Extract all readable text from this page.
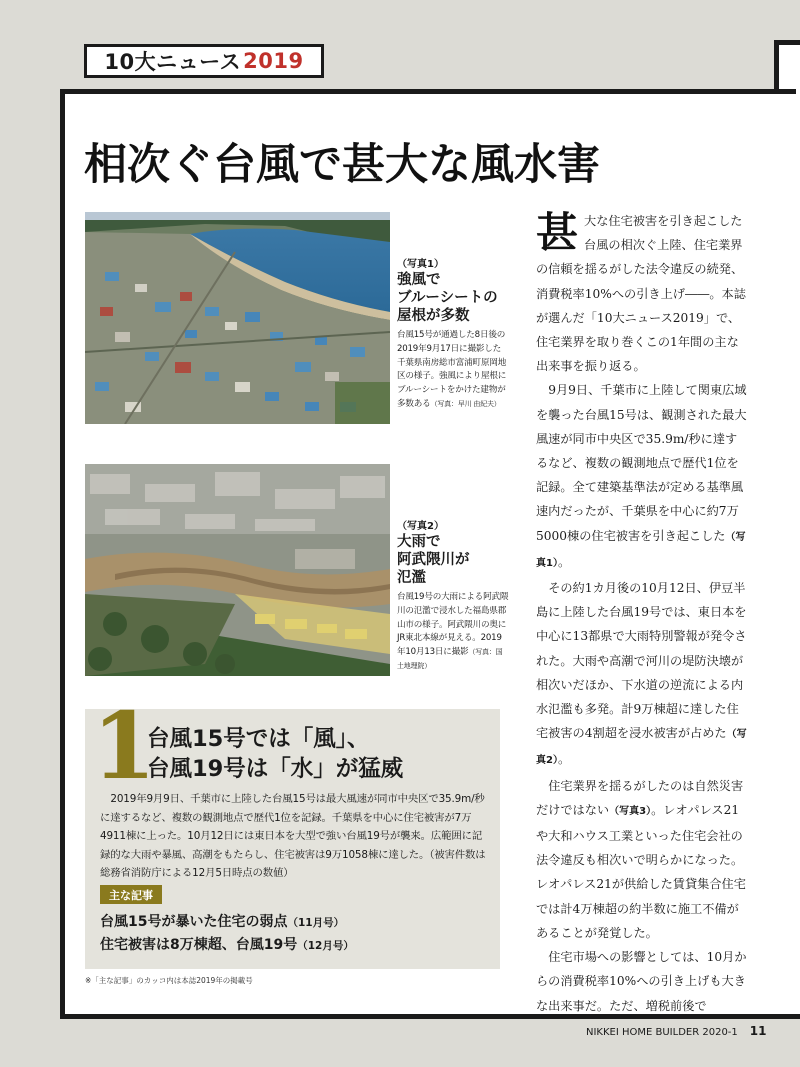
10大ニュース 2019
相次ぐ台風で甚大な風水害
（写真1）
強風で
ブルーシートの
屋根が多数
台風15号が通過した8日後の2019年9月17日に撮影した千葉県南房総市富浦町原岡地区の様子。強風により屋根にブルーシートをかけた建物が多数ある（写真：早川 由紀夫）
（写真2）
大雨で
阿武隈川が
氾濫
台風19号の大雨による阿武隈川の氾濫で浸水した福島県郡山市の様子。阿武隈川の奥にJR東北本線が見える。2019年10月13日に撮影（写真：国土地理院）

甚大な住宅被害を引き起こした台風の相次ぐ上陸、住宅業界の信頼を揺るがした法令違反の続発、消費税率10%への引き上げ――。本誌が選んだ「10大ニュース2019」で、住宅業界を取り巻くこの1年間の主な出来事を振り返る。

9月9日、千葉市に上陸して関東広域を襲った台風15号は、観測された最大風速が同市中央区で35.9m/秒に達するなど、複数の観測地点で歴代1位を記録。全て建築基準法が定める基準風速内だったが、千葉県を中心に約7万5000棟の住宅被害を引き起こした（写真1）。

その約1カ月後の10月12日、伊豆半島に上陸した台風19号では、東日本を中心に13都県で大雨特別警報が発令された。大雨や高潮で河川の堤防決壊が相次いだほか、下水道の逆流による内水氾濫も多発。計9万棟超に達した住宅被害の4割超を浸水被害が占めた（写真2）。

住宅業界を揺るがしたのは自然災害だけではない（写真3）。レオパレス21や大和ハウス工業といった住宅会社の法令違反も相次いで明らかになった。レオパレス21が供給した賃貸集合住宅では計4万棟超の約半数に施工不備があることが発覚した。

住宅市場への影響としては、10月からの消費税率10%への引き上げも大きな出来事だ。ただ、増税前後で

1
台風15号では「風」、
台風19号は「水」が猛威

2019年9月9日、千葉市に上陸した台風15号は最大風速が同市中央区で35.9m/秒に達するなど、複数の観測地点で歴代1位を記録。千葉県を中心に住宅被害が7万4911棟に上った。10月12日には東日本を大型で強い台風19号が襲来。広範囲に記録的な大雨や暴風、高潮をもたらし、住宅被害は9万1058棟に達した。（被害件数は総務省消防庁による12月5日時点の数値）

主な記事
台風15号が暴いた住宅の弱点（11月号）
住宅被害は8万棟超、台風19号（12月号）
※「主な記事」のカッコ内は本誌2019年の掲載号
NIKKEI HOME BUILDER 2020-1 11
